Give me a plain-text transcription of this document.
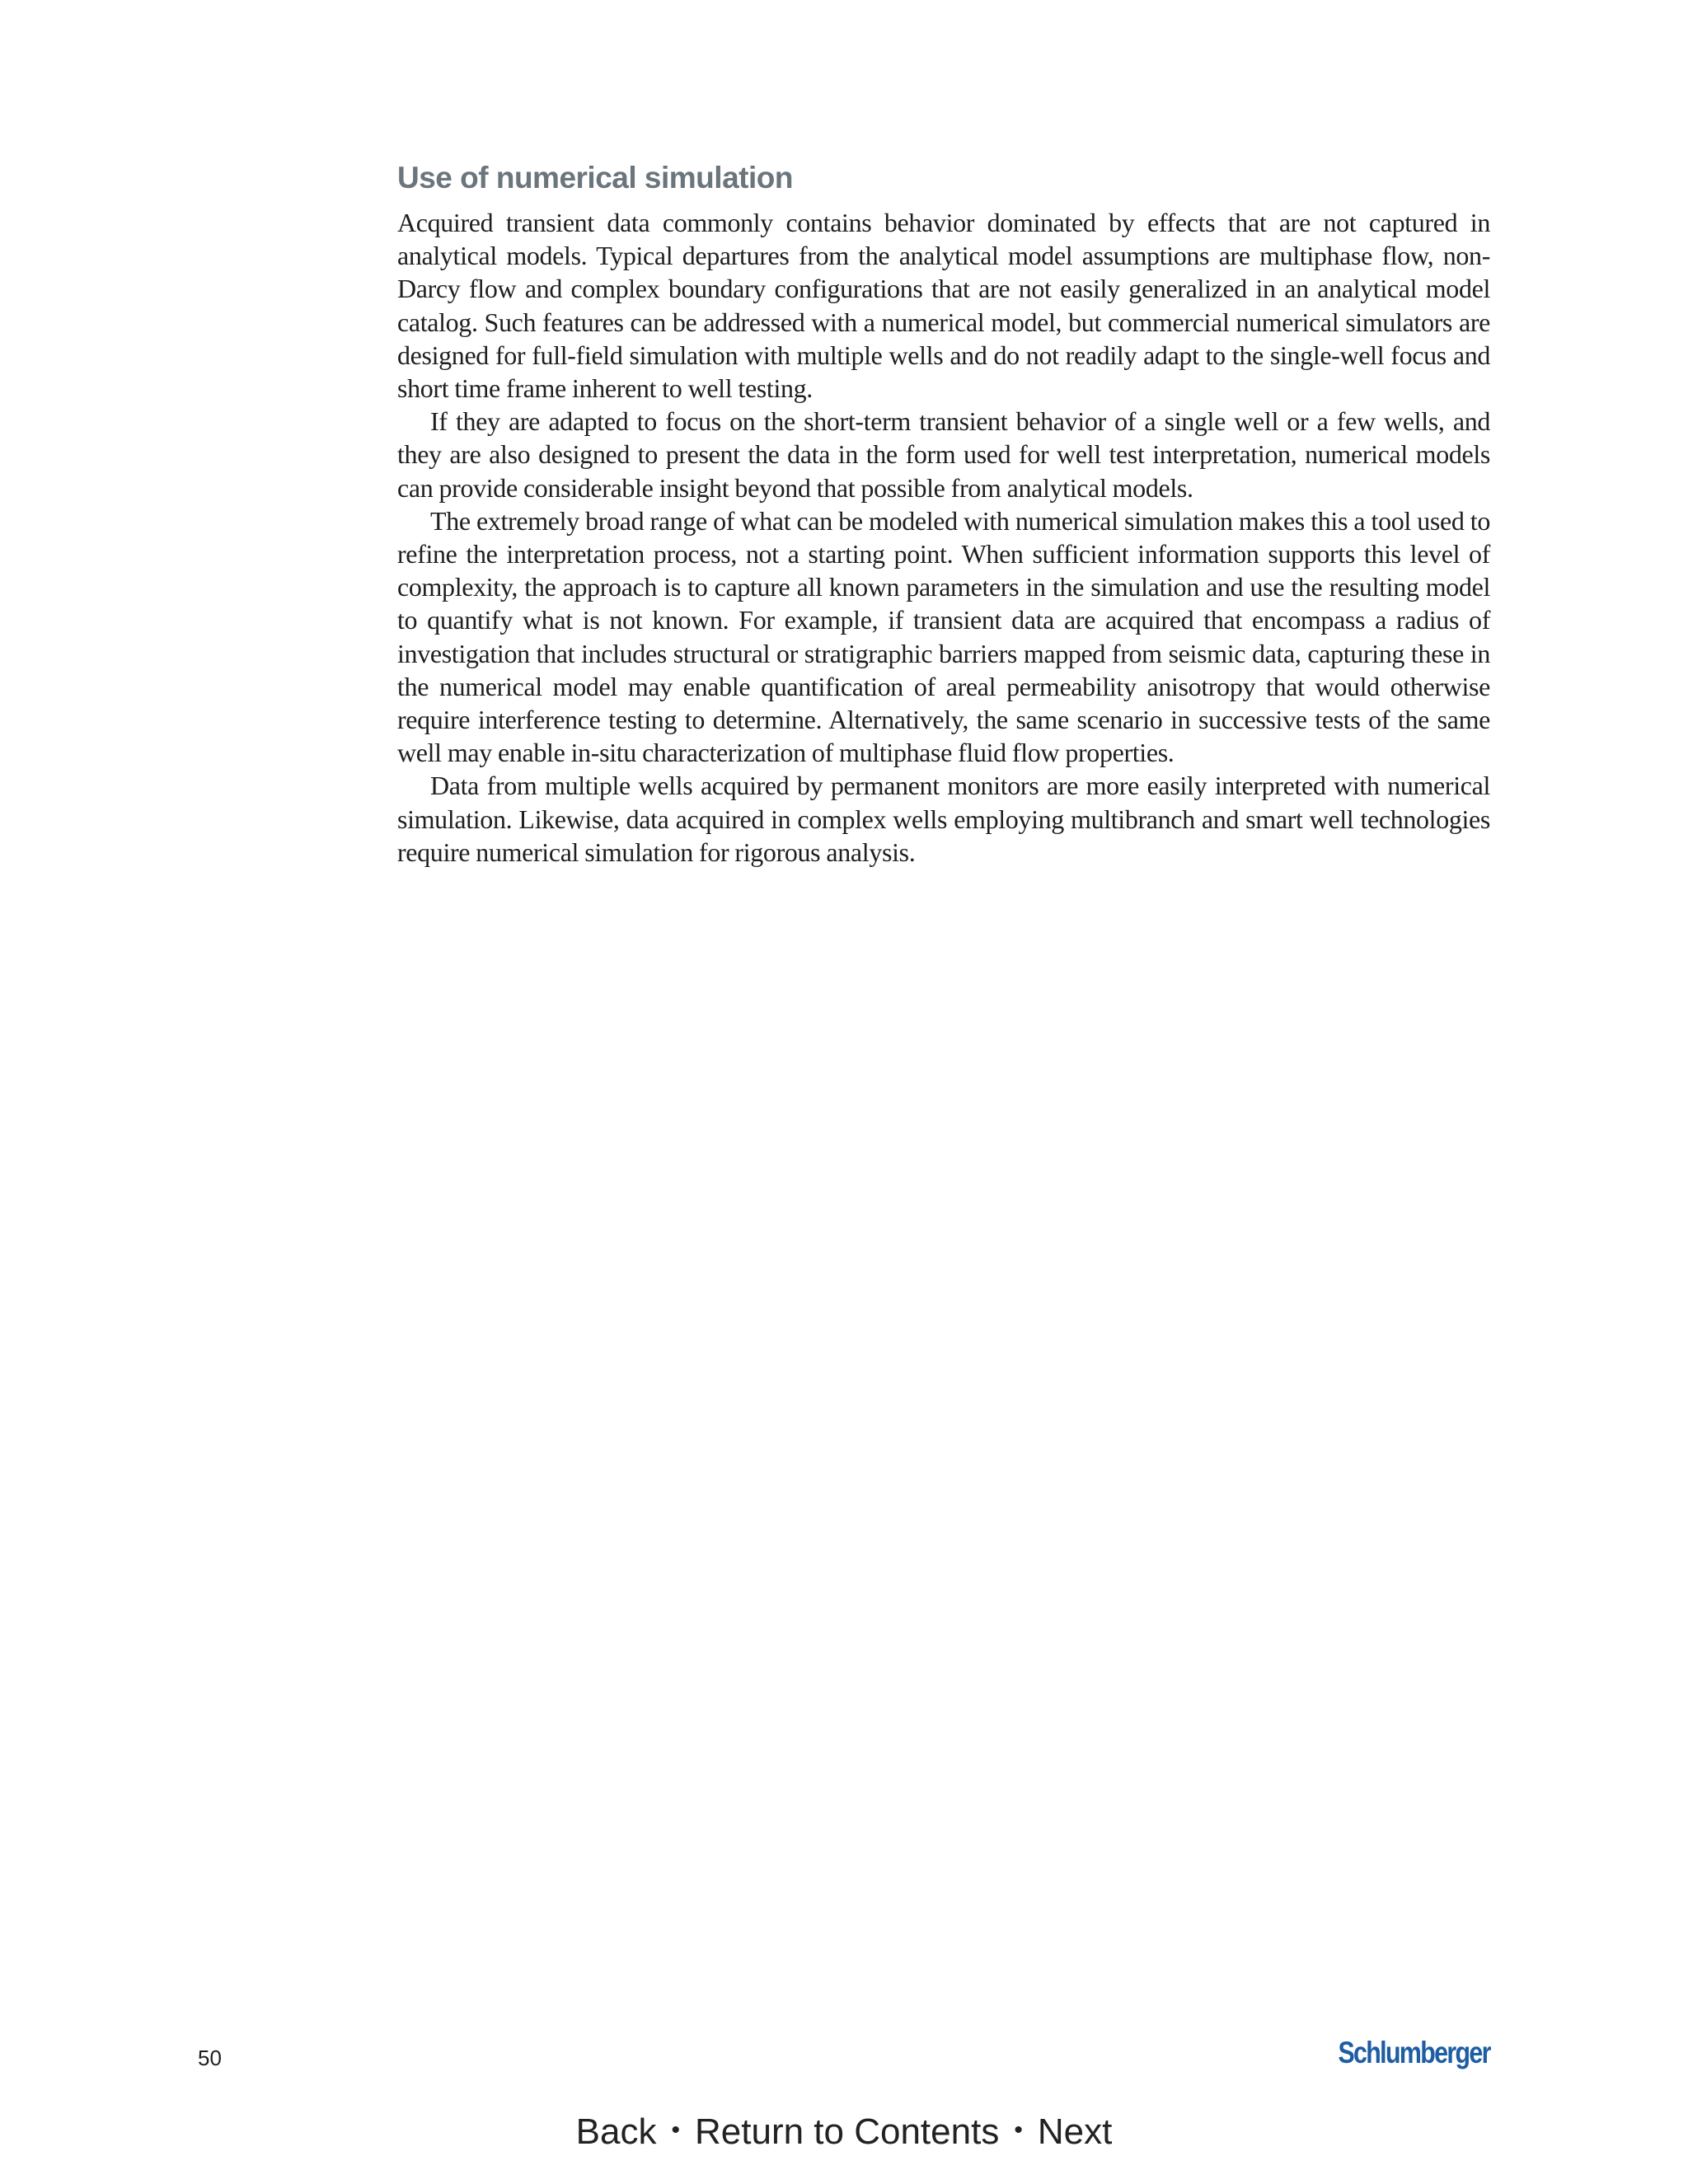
Use of numerical simulation

Acquired transient data commonly contains behavior dominated by effects that are not captured in analytical models. Typical departures from the analytical model assumptions are multiphase flow, non-Darcy flow and complex boundary configurations that are not easily generalized in an analytical model catalog. Such features can be addressed with a numerical model, but commercial numerical simulators are designed for full-field simulation with multiple wells and do not readily adapt to the single-well focus and short time frame inherent to well testing.

If they are adapted to focus on the short-term transient behavior of a single well or a few wells, and they are also designed to present the data in the form used for well test interpretation, numerical models can provide considerable insight beyond that possible from analytical models.

The extremely broad range of what can be modeled with numerical simulation makes this a tool used to refine the interpretation process, not a starting point. When sufficient information supports this level of complexity, the approach is to capture all known parameters in the simulation and use the resulting model to quantify what is not known. For example, if transient data are acquired that encompass a radius of investigation that includes structural or stratigraphic barriers mapped from seismic data, capturing these in the numerical model may enable quantification of areal permeability anisotropy that would otherwise require interference testing to determine. Alternatively, the same scenario in successive tests of the same well may enable in-situ characterization of multiphase fluid flow properties.

Data from multiple wells acquired by permanent monitors are more easily interpreted with numerical simulation. Likewise, data acquired in complex wells employing multibranch and smart well technologies require numerical simulation for rigorous analysis.

50	Schlumberger
Back • Return to Contents • Next
